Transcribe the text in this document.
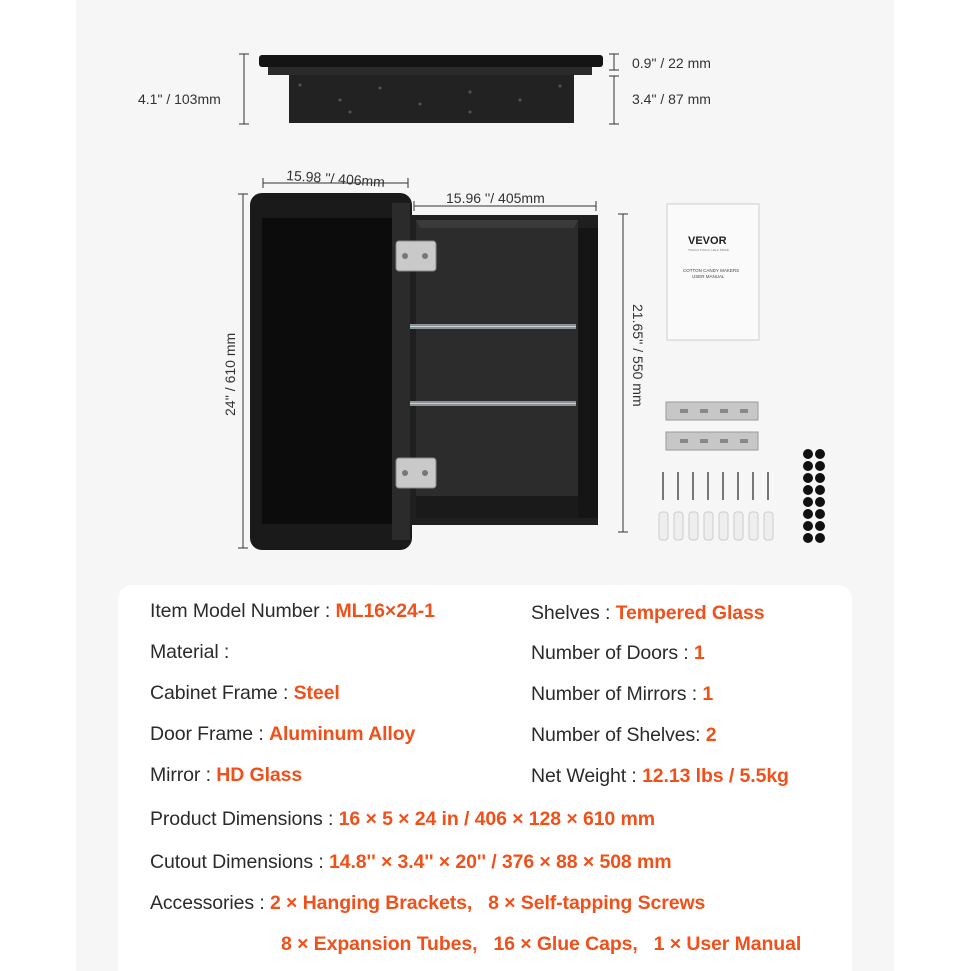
4.1" / 103mm
0.9" / 22 mm
3.4" / 87 mm
15.98 ''/ 406mm
15.96 ''/ 405mm
24'' / 610 mm	21.65'' / 550 mm
VEVOR
TOUGH TOOLS, HALF PRICE
COTTON CANDY MAKERS
USER MANUAL
Item Model Number : ML16×24-1
Material :
Cabinet Frame : Steel
Door Frame : Aluminum Alloy
Mirror : HD Glass
Shelves : Tempered Glass
Number of Doors : 1
Number of Mirrors : 1
Number of Shelves: 2
Net Weight : 12.13 lbs / 5.5kg
Product Dimensions : 16 × 5 × 24 in / 406 × 128 × 610 mm
Cutout Dimensions : 14.8'' × 3.4'' × 20'' / 376 × 88 × 508 mm
Accessories : 2 × Hanging Brackets,   8 × Self-tapping Screws
8 × Expansion Tubes,   16 × Glue Caps,   1 × User Manual
